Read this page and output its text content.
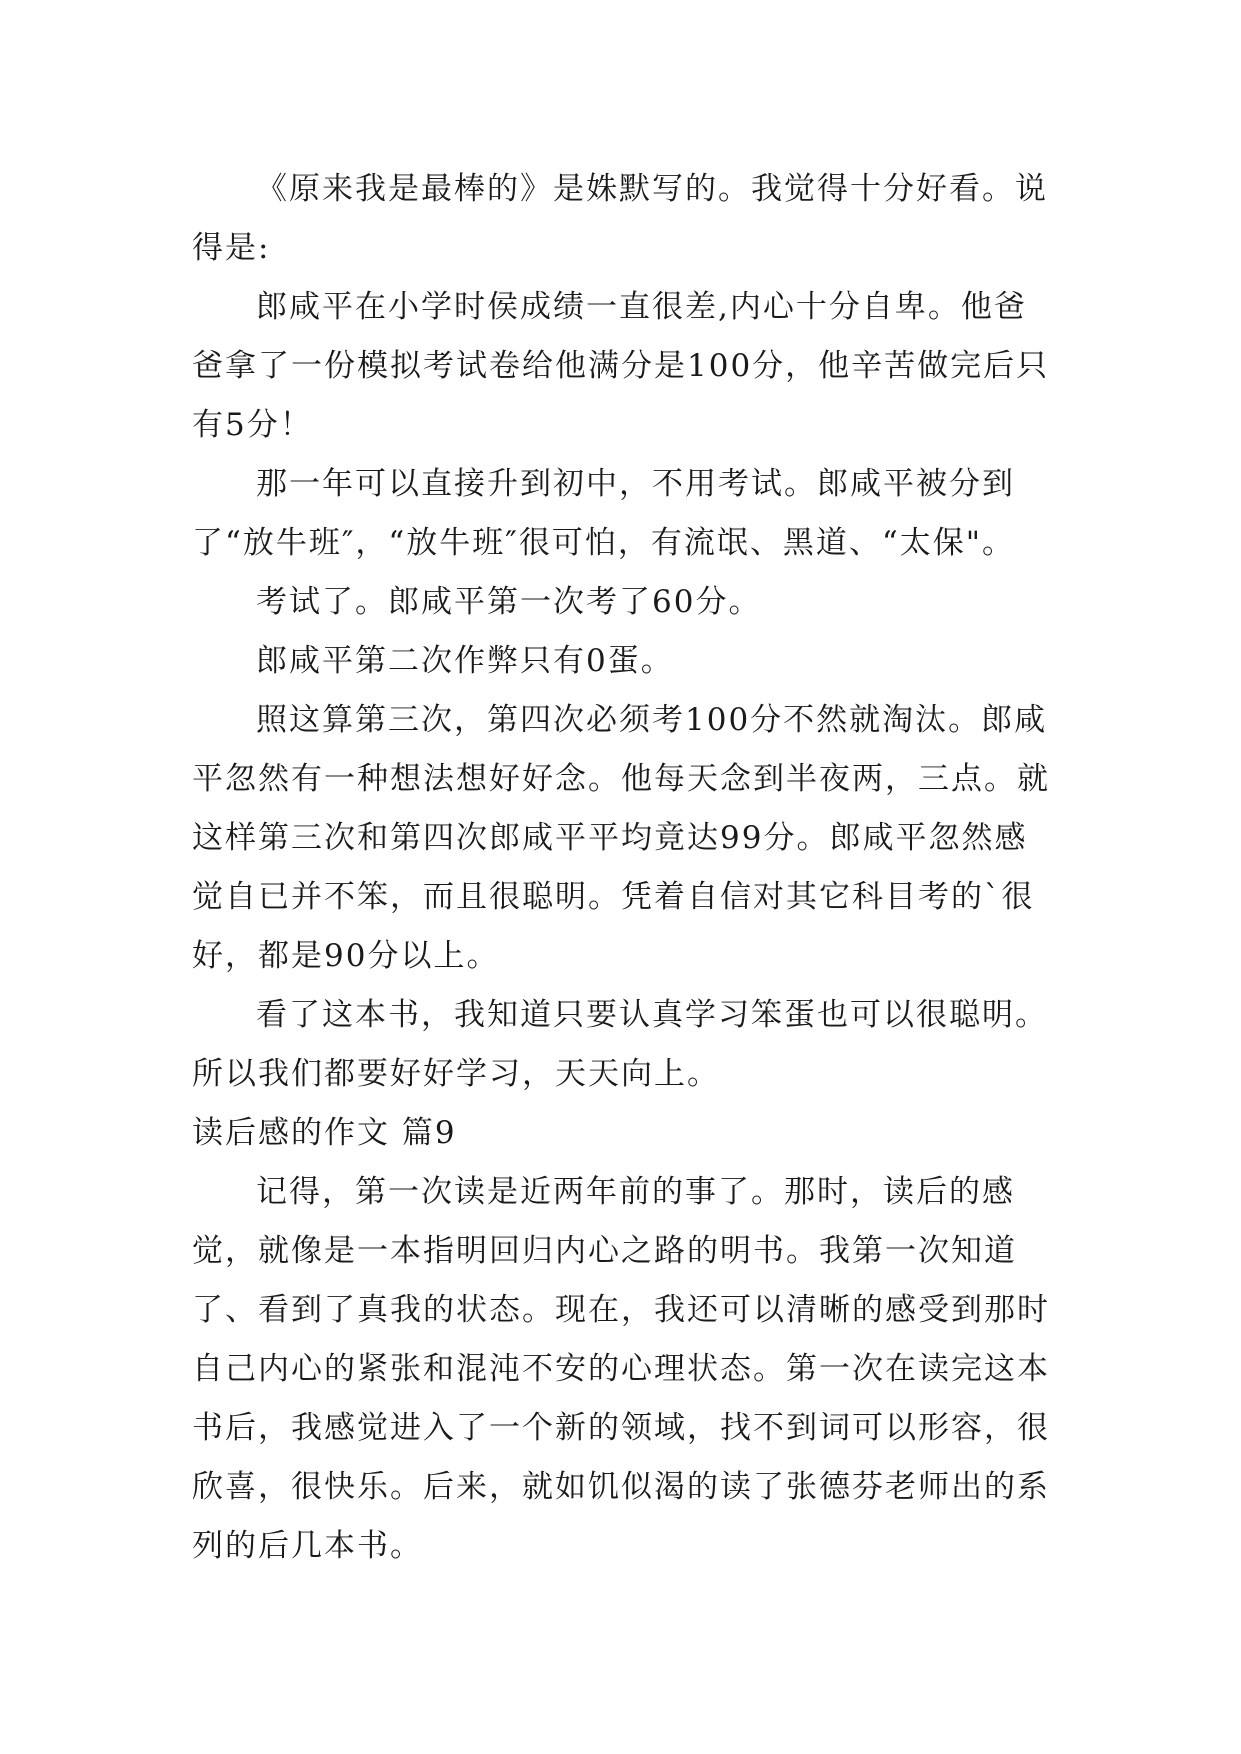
《原来我是最棒的》是姝默写的。我觉得十分好看。说得是:

郎咸平在小学时侯成绩一直很差,内心十分自卑。他爸爸拿了一份模拟考试卷给他满分是100分，他辛苦做完后只有5分！

那一年可以直接升到初中，不用考试。郎咸平被分到了“放牛班″，“放牛班″很可怕，有流氓、黑道、“太保"。

考试了。郎咸平第一次考了60分。

郎咸平第二次作弊只有0蛋。

照这算第三次，第四次必须考100分不然就淘汰。郎咸平忽然有一种想法想好好念。他每天念到半夜两，三点。就这样第三次和第四次郎咸平平均竟达99分。郎咸平忽然感觉自已并不笨，而且很聪明。凭着自信对其它科目考的`很好，都是90分以上。

看了这本书，我知道只要认真学习笨蛋也可以很聪明。所以我们都要好好学习，天天向上。

读后感的作文 篇9

记得，第一次读是近两年前的事了。那时，读后的感觉，就像是一本指明回归内心之路的明书。我第一次知道了、看到了真我的状态。现在，我还可以清晰的感受到那时自己内心的紧张和混沌不安的心理状态。第一次在读完这本书后，我感觉进入了一个新的领域，找不到词可以形容，很欣喜，很快乐。后来，就如饥似渴的读了张德芬老师出的系列的后几本书。
